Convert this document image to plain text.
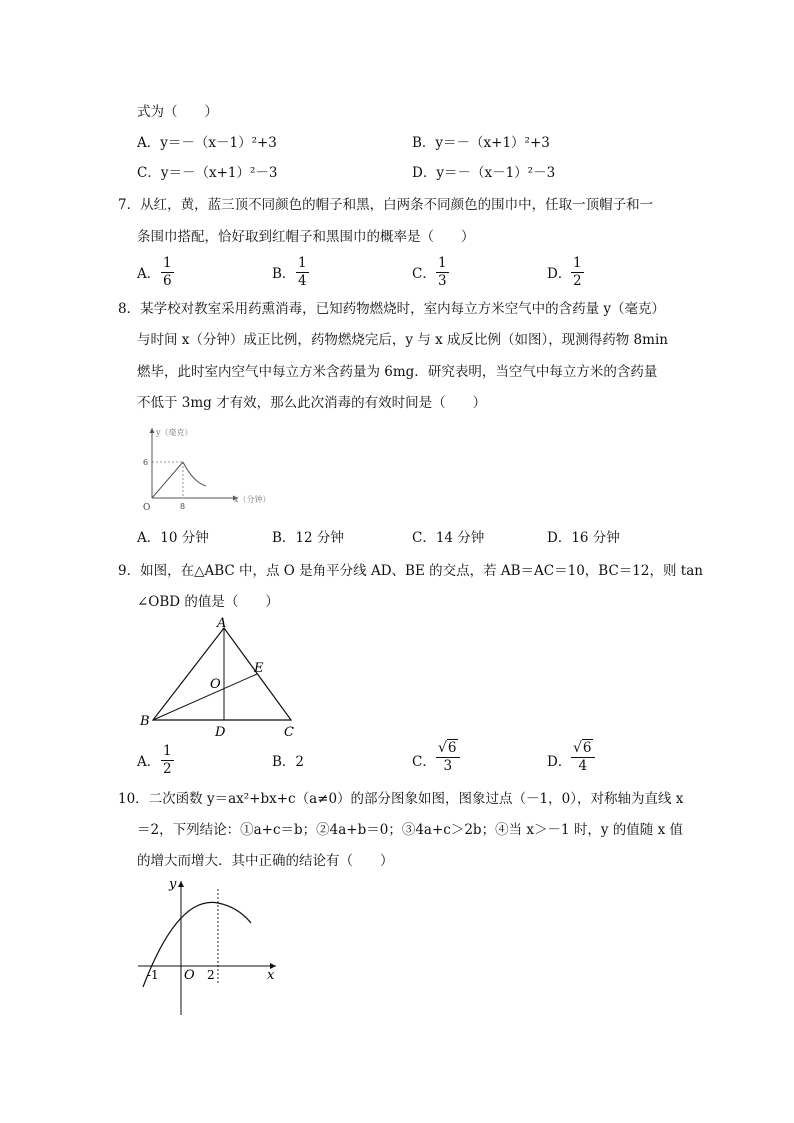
式为（　　）
A．y＝－（x－1）²+3	B．y＝－（x+1）²+3
C．y＝－（x+1）²－3	D．y＝－（x－1）²－3
7．从红，黄，蓝三顶不同颜色的帽子和黑，白两条不同颜色的围巾中，任取一顶帽子和一
条围巾搭配，恰好取到红帽子和黑围巾的概率是（　　）
A．
1
6	B．
1
4	C．
1
3	D．
1
2
8．某学校对教室采用药熏消毒，已知药物燃烧时，室内每立方米空气中的含药量 y（毫克）
与时间 x（分钟）成正比例，药物燃烧完后，y 与 x 成反比例（如图），现测得药物 8min
燃毕，此时室内空气中每立方米含药量为 6mg．研究表明，当空气中每立方米的含药量
不低于 3mg 才有效，那么此次消毒的有效时间是（　　）
y（毫克）
x（分钟）
O
6
8
A．10 分钟	B．12 分钟	C．14 分钟	D．16 分钟
9．如图，在△ABC 中，点 O 是角平分线 AD、BE 的交点，若 AB＝AC＝10，BC＝12，则 tan
∠OBD 的值是（　　）
A
B
C
D
E
O
A．
1
2	B．2	C．
√6
3	D．
√6
4
10．二次函数 y＝ax²+bx+c（a≠0）的部分图象如图，图象过点（－1，0），对称轴为直线 x
＝2，下列结论：①a+c＝b；②4a+b＝0；③4a+c＞2b；④当 x＞－1 时，y 的值随 x 值
的增大而增大．其中正确的结论有（　　）
y
x
O
-1	2
